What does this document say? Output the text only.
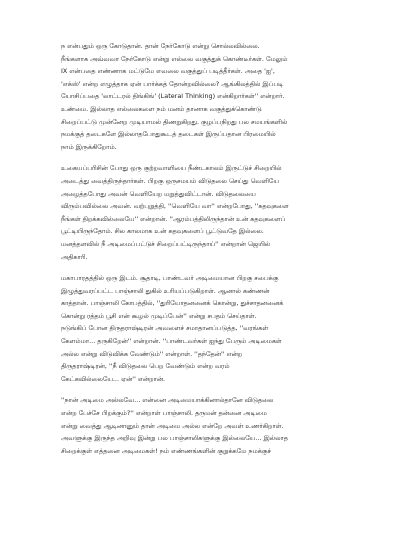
ந என்பதும் ஒரு கோடுதான். தான் நேர்கோடு என்று சொல்லவில்லை.
நீங்களாக அவ்வவா நேர்கோடு என்று எல்லை வகுத்துக் கொண்டீர்கள். மேலும்
IX என்பதை எண்ணாக மட்டுமே எவலை வகுத்துப் படித்தீர்கள். அதை 'ஐ',
'எக்ஸ்' என்ற எழுத்தாக ஏன் பார்க்கத் தோன்றவில்லை? ஆங்கிலத்தில் இப்படி
யோசிப்பதை 'லாட்டரல் திங்கிங்' (Lateral Thinking) என்கிறார்கள்'' என்றார்.
உண்மை. இல்லாத எல்லைகளை நம் மனம் தானாக வகுத்துக்கொண்டு
சிறைப்பட்டு முன்னேற முடியாமல் திணறுகிறது. குழப்பநிறது பல சமயங்களில்
நமக்குத் தடைகளே இல்லாதபோதுகூடத் தடைகள் இருப்பதான பிரமையில்
நாம் இருக்கிறோம்.
உகையப்பரிசின் போது ஒரு குற்றவாளியை நீண்டகாலம் இருட்டுச் சிறையில்
அடைத்து வைத்திருந்தார்கள். பிறகு ஒருசமயம் விடுதலை செய்து வெளியே
அழைத்தபோது அவன் வெளியேற மறுத்துவிட்டான். விடுதலையை
விரும்பவில்லை அவன். வற்புறுத்தி, ''வெளியே வா'' என்றபோது, ''கதவுகளை
நீங்கள் திறக்கவில்லையே'' என்றான். ''ஆரம்பத்திலிருந்தான் உன் கதவுகளைப்
பூட்டியிருந்தோம். சில காலமாக உன் கதவுகளைப் பூட்டுவதே இல்லை.
மனத்தளவில் நீ அடிமைப்பட்டுச் சிறைப்பட்டிருந்தாய்'' என்றான் ஜெயில்
அதிகாரி.
மகாபாரதத்தில் ஒரு இடம். சூதாடி, பாண்டவர் அடிமையான பிறகு சபைக்கு
இழுத்துவரப்பட்ட பாஞ்சாலி துகில் உரியப்படுகிறாள். ஆனால் கண்ணன்
காத்தான். பாஞ்சாலி கோபத்தில், ''துரியோதனனைக் கொன்று, துச்சாதனனைக்
கொன்று ரத்தம் பூசி என் கூழல் முடிப்பேன்'' என்று சபதம் செய்தாள்.
நடுங்கிப் போன திருதராஷ்டிரன் அவளைச் சமாதானப்படுத்த, ''வரங்கள்
கேளம்மா... தருகிறேன்'' என்றான். ''பாண்டவர்கள் ஐந்து பேரும் அடிமைகள்
அல்ல என்று விடுவிக்க வேண்டும்'' என்றாள். ''தந்தேன்'' என்ற
திருதராஷ்டிரன், ''நீ விடுதலை பெற வேண்டும் என்ற வரம்
கேட்கவில்லையே... ஏன்'' என்றான்.
''நான் அடிமை அல்லவே... என்னை அடிமையாக்கினால்தானே விடுதலை
என்ற பேச்சே பிறக்கும்?'' என்றாள் பாஞ்சாலி. தருமன் தன்னை அடிமை
என்று வைத்து ஆடினானும் தான் அடிமை அல்ல என்றே அவள் உணர்கிறாள்.
அவளுக்கு இருந்த அறிவு இன்று பல பாஞ்சாலிகளுக்கு இல்லையே... இல்லாத
சிறைக்குள் எத்தனை அடிமைகள்! நம் எண்ணங்களின் குறுக்கமே நமக்குச்
